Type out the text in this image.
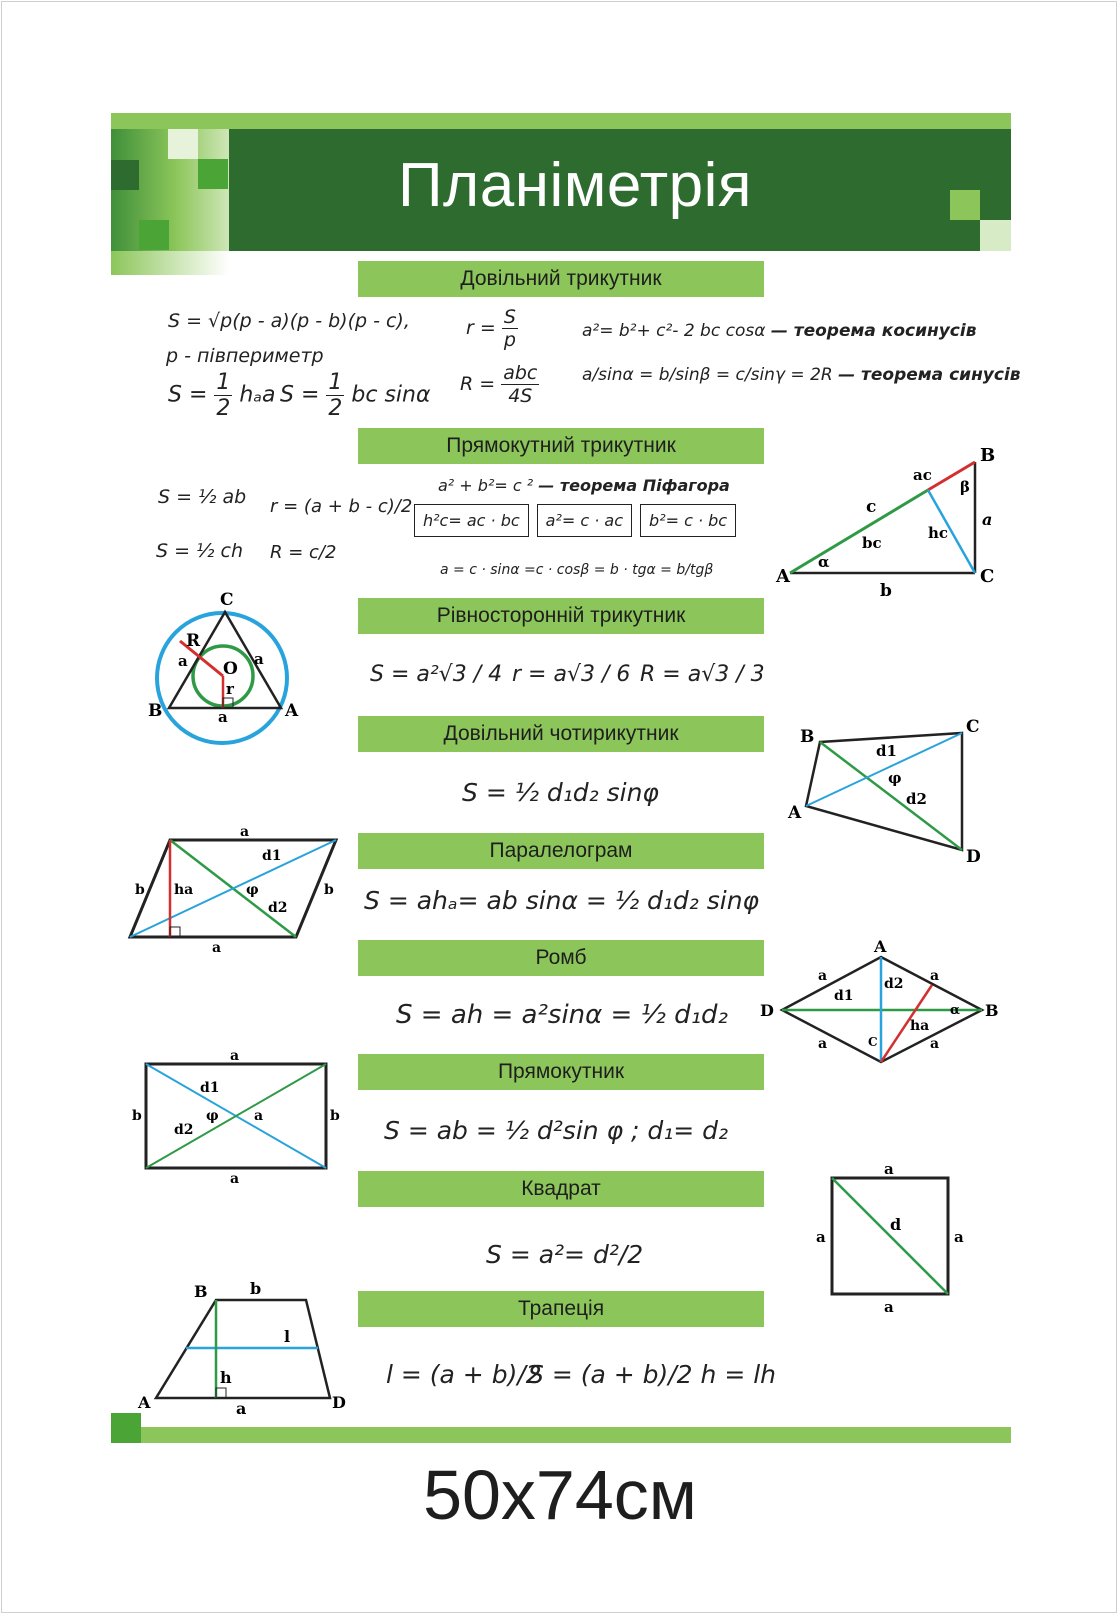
Планіметрія
Довільний трикутник
Прямокутний трикутник
Рівносторонній трикутник
Довільний чотирикутник
Паралелограм
Ромб
Прямокутник
Квадрат
Трапеція
S = √p(p - a)(p - b)(p - c),
p - півпериметр
$S = \frac{1}{2}$ hₐa $S = \frac{1}{2}$ bc sinα
$r = \frac{S}{p}$
$R = \frac{\text{abc}}{4S}$
a²= b²+ c²- 2 bc cosα — теорема косинусів
a/sinα = b/sinβ = c/sinγ = 2R — теорема синусів
S = ½ ab
S = ½ ch
r = (a + b - c)/2
R = c/2
a² + b²= c ² — теорема Піфагора
h²c= ac · bc a²= c · ac b²= c · bc
a = c · sinα =c · cosβ = b · tgα = b/tgβ
S = a²√3 / 4 r = a√3 / 6 R = a√3 / 3
S = ½ d₁d₂ sinφ
S = ahₐ= ab sinα = ½ d₁d₂ sinφ
S = ah = a²sinα = ½ d₁d₂
S = ab = ½ d²sin φ ; d₁= d₂
S = a²= d²/2
l = (a + b)/2
S = (a + b)/2 h = lh
A
B
C
a
b
c
ac
bc
hc
α
β
C
B	A
R
O
r
a	a
a
B	C
A
D
d1
d2
φ
a
a
b	b
ha
d1
d2
φ
A
B
C
D
a	a
a	a
d1
d2
ha
α
a
a
b	b
d1
d2
φ	a
a
a
a	a
d
B	b
A	D
a
l
h
50х74см
